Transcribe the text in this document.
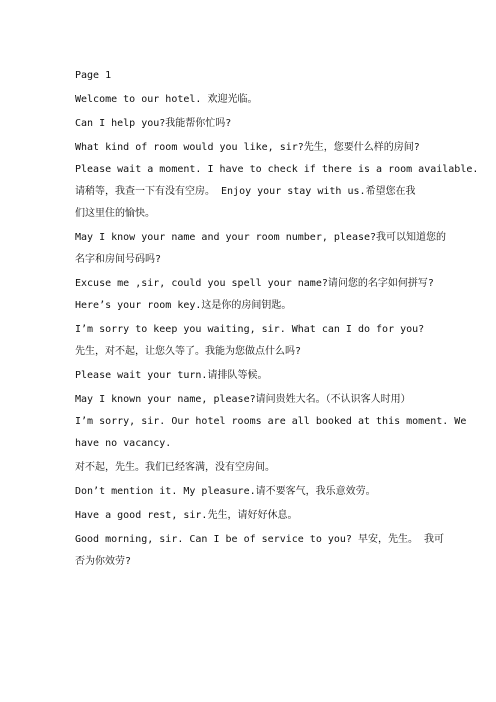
Page 1
Welcome to our hotel. 欢迎光临。
Can I help you?我能帮你忙吗?
What kind of room would you like, sir?先生，您要什么样的房间?
Please wait a moment. I have to check if there is a room available.
请稍等，我查一下有没有空房。 Enjoy your stay with us.希望您在我
们这里住的愉快。
May I know your name and your room number, please?我可以知道您的
名字和房间号码吗?
Excuse me ,sir, could you spell your name?请问您的名字如何拼写?
Here’s your room key.这是你的房间钥匙。
I’m sorry to keep you waiting, sir. What can I do for you?
先生，对不起，让您久等了。我能为您做点什么吗?
Please wait your turn.请排队等候。
May I known your name, please?请问贵姓大名。（不认识客人时用）
I’m sorry, sir. Our hotel rooms are all booked at this moment. We
have no vacancy.
对不起，先生。我们已经客满，没有空房间。
Don’t mention it. My pleasure.请不要客气，我乐意效劳。
Have a good rest, sir.先生，请好好休息。
Good morning, sir. Can I be of service to you? 早安，先生。 我可
否为你效劳?
